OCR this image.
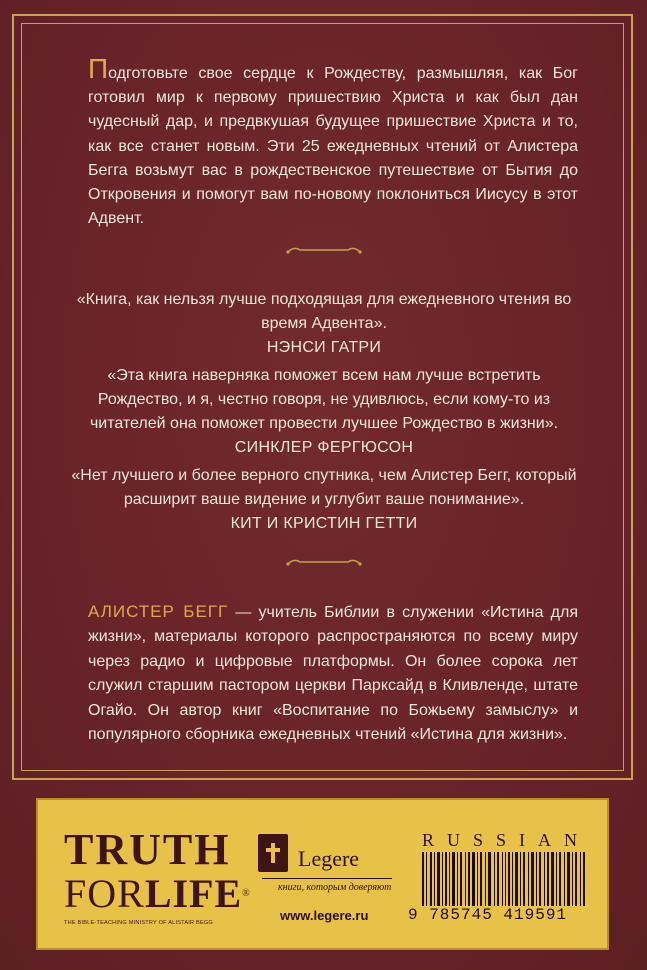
Подготовьте свое сердце к Рождеству, размышляя, как Бог готовил мир к первому пришествию Христа и как был дан чудесный дар, и предвкушая будущее пришествие Христа и то, как все станет новым. Эти 25 ежедневных чтений от Алистера Бегга возьмут вас в рождественское путешествие от Бытия до Откровения и помогут вам по-новому поклониться Иисусу в этот Адвент.
«Книга, как нельзя лучше подходящая для ежедневного чтения во время Адвента».
НЭНСИ ГАТРИ
«Эта книга наверняка поможет всем нам лучше встретить Рождество, и я, честно говоря, не удивлюсь, если кому-то из читателей она поможет провести лучшее Рождество в жизни».
СИНКЛЕР ФЕРГЮСОН
«Нет лучшего и более верного спутника, чем Алистер Бегг, который расширит ваше видение и углубит ваше понимание».
КИТ И КРИСТИН ГЕТТИ
АЛИСТЕР БЕГГ — учитель Библии в служении «Истина для жизни», материалы которого распространяются по всему миру через радио и цифровые платформы. Он более сорока лет служил старшим пастором церкви Парксайд в Кливленде, штате Огайо. Он автор книг «Воспитание по Божьему замыслу» и популярного сборника ежедневных чтений «Истина для жизни».
TRUTH
FORLIFE®
THE BIBLE-TEACHING MINISTRY OF ALISTAIR BEGG
Legere
книги, которым доверяют
www.legere.ru
RUSSIAN
9 785745 419591
